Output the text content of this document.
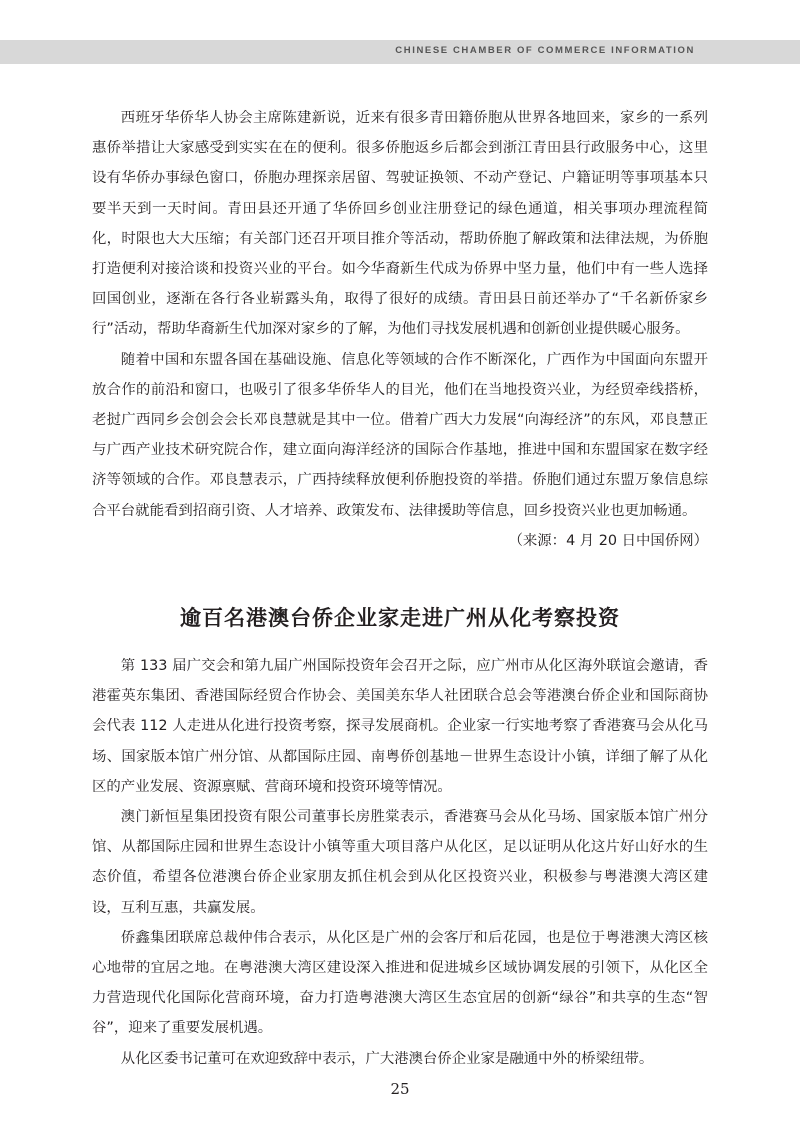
CHINESE CHAMBER OF COMMERCE INFORMATION

西班牙华侨华人协会主席陈建新说，近来有很多青田籍侨胞从世界各地回来，家乡的一系列惠侨举措让大家感受到实实在在的便利。很多侨胞返乡后都会到浙江青田县行政服务中心，这里设有华侨办事绿色窗口，侨胞办理探亲居留、驾驶证换领、不动产登记、户籍证明等事项基本只要半天到一天时间。青田县还开通了华侨回乡创业注册登记的绿色通道，相关事项办理流程简化，时限也大大压缩；有关部门还召开项目推介等活动，帮助侨胞了解政策和法律法规，为侨胞打造便利对接洽谈和投资兴业的平台。如今华裔新生代成为侨界中坚力量，他们中有一些人选择回国创业，逐渐在各行各业崭露头角，取得了很好的成绩。青田县日前还举办了“千名新侨家乡行”活动，帮助华裔新生代加深对家乡的了解，为他们寻找发展机遇和创新创业提供暖心服务。

随着中国和东盟各国在基础设施、信息化等领域的合作不断深化，广西作为中国面向东盟开放合作的前沿和窗口，也吸引了很多华侨华人的目光，他们在当地投资兴业，为经贸牵线搭桥，老挝广西同乡会创会会长邓良慧就是其中一位。借着广西大力发展“向海经济”的东风，邓良慧正与广西产业技术研究院合作，建立面向海洋经济的国际合作基地，推进中国和东盟国家在数字经济等领域的合作。邓良慧表示，广西持续释放便利侨胞投资的举措。侨胞们通过东盟万象信息综合平台就能看到招商引资、人才培养、政策发布、法律援助等信息，回乡投资兴业也更加畅通。

（来源：4 月 20 日中国侨网）

逾百名港澳台侨企业家走进广州从化考察投资

第 133 届广交会和第九届广州国际投资年会召开之际，应广州市从化区海外联谊会邀请，香港霍英东集团、香港国际经贸合作协会、美国美东华人社团联合总会等港澳台侨企业和国际商协会代表 112 人走进从化进行投资考察，探寻发展商机。企业家一行实地考察了香港赛马会从化马场、国家版本馆广州分馆、从都国际庄园、南粤侨创基地－世界生态设计小镇，详细了解了从化区的产业发展、资源禀赋、营商环境和投资环境等情况。

澳门新恒星集团投资有限公司董事长房胜棠表示，香港赛马会从化马场、国家版本馆广州分馆、从都国际庄园和世界生态设计小镇等重大项目落户从化区，足以证明从化这片好山好水的生态价值，希望各位港澳台侨企业家朋友抓住机会到从化区投资兴业，积极参与粤港澳大湾区建设，互利互惠，共赢发展。

侨鑫集团联席总裁仲伟合表示，从化区是广州的会客厅和后花园，也是位于粤港澳大湾区核心地带的宜居之地。在粤港澳大湾区建设深入推进和促进城乡区域协调发展的引领下，从化区全力营造现代化国际化营商环境，奋力打造粤港澳大湾区生态宜居的创新“绿谷”和共享的生态“智谷”，迎来了重要发展机遇。

从化区委书记董可在欢迎致辞中表示，广大港澳台侨企业家是融通中外的桥梁纽带。

25
